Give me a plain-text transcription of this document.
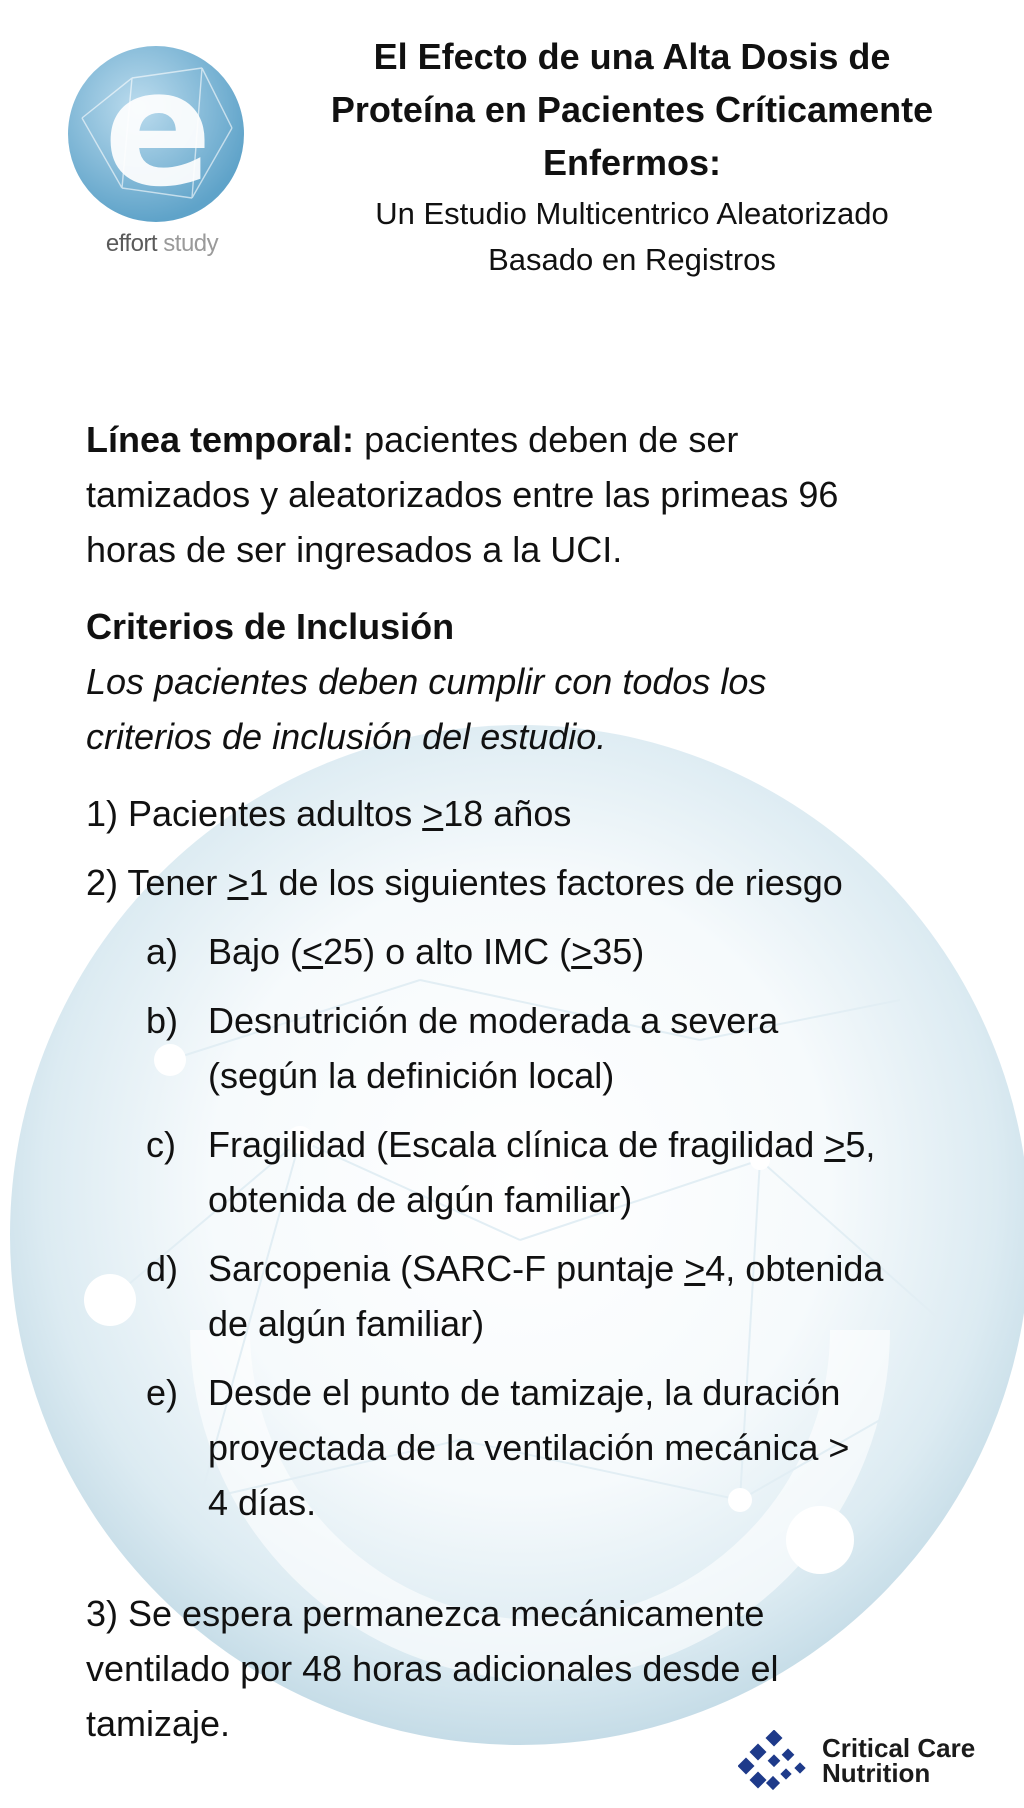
e
effort study
El Efecto de una Alta Dosis de
Proteína en Pacientes Críticamente
Enfermos:
Un Estudio Multicentrico Aleatorizado
Basado en Registros

Línea temporal: pacientes deben de ser
tamizados y aleatorizados entre las primeas 96
horas de ser ingresados a la UCI.

Criterios de Inclusión

Los pacientes deben cumplir con todos los
criterios de inclusión del estudio.

1) Pacientes adultos ≥18 años

2) Tener ≥1 de los siguientes factores de riesgo

a) Bajo (≤25) o alto IMC (≥35)
b) Desnutrición de moderada a severa
(según la definición local)
c) Fragilidad (Escala clínica de fragilidad ≥5,
obtenida de algún familiar)
d) Sarcopenia (SARC-F puntaje ≥4, obtenida
de algún familiar)
e) Desde el punto de tamizaje, la duración
proyectada de la ventilación mecánica >
4 días.

3) Se espera permanezca mecánicamente
ventilado por 48 horas adicionales desde el
tamizaje.

Critical Care
Nutrition
